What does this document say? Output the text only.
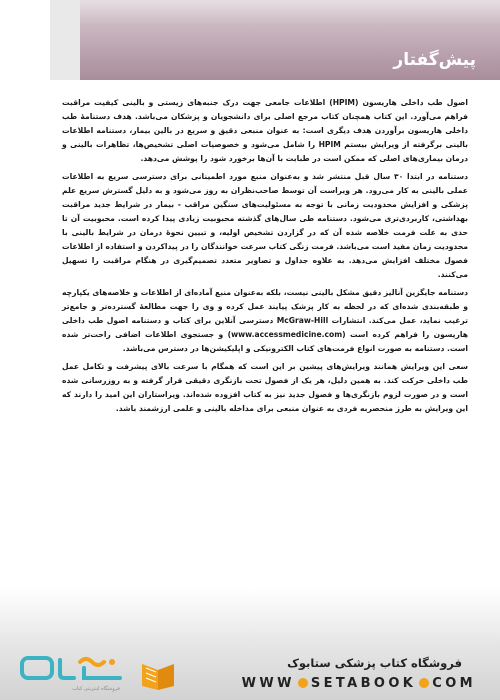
پیش‌گفتار

اصول طب داخلی هاریسون (HPIM) اطلاعات جامعی جهت درک جنبه‌های زیستی و بالینی کیفیت مراقبت فراهم می‌آورد. این کتاب همچنان کتاب مرجع اصلی برای دانشجویان و پزشکان می‌باشد. هدف دستنامهٔ طب داخلی هاریسون برآوردن هدف دیگری است: به عنوان منبعی دقیق و سریع در بالین بیمار، دستنامه اطلاعات بالینی برگرفته از ویرایش بیستم HPIM را شامل می‌شود و خصوصیات اصلی تشخیص‌ها، تظاهرات بالینی و درمان بیماری‌های اصلی که ممکن است در طبابت با آن‌ها برخورد شود را پوشش می‌دهد.

دستنامه در ابتدا ۳۰ سال قبل منتشر شد و به‌عنوان منبع مورد اطمینانی برای دسترسی سریع به اطلاعات عملی بالینی به کار می‌رود. هر ویراست آن توسط صاحب‌نظران به روز می‌شود و به دلیل گسترش سریع علم پزشکی و افزایش محدودیت زمانی با توجه به مسئولیت‌های سنگین مراقب - بیمار در شرایط جدید مراقبت بهداشتی، کاربردی‌تری می‌شود. دستنامه طی سال‌های گذشته محبوبیت زیادی پیدا کرده است. محبوبیت آن تا حدی به علت فرمت خلاصه شده آن که در گزاردن تشخیص اولیه، و تبیین نحوهٔ درمان در شرایط بالینی با محدودیت زمان مفید است می‌باشد. فرمت زنگی کتاب سرعت خوانندگان را در پیداکردن و استفاده از اطلاعات فصول مختلف افزایش می‌دهد. به علاوه جداول و تصاویر متعدد تصمیم‌گیری در هنگام مراقبت را تسهیل می‌کنند.

دستنامه جایگزین آنالیز دقیق مشکل بالینی نیست، بلکه به‌عنوان منبع آماده‌ای از اطلاعات و خلاصه‌های یکپارچه و طبقه‌بندی شده‌ای که در لحظه به کار پزشک پیایند عمل کرده و وی را جهت مطالعهٔ گسترده‌تر و جامع‌تر ترغیب نماید، عمل می‌کند. انتشارات McGraw-Hill دسترسی آنلاین برای کتاب و دستنامه اصول طب داخلی هاریسون را فراهم کرده است (www.accessmedicine.com) و جستجوی اطلاعات اضافی راحت‌تر شده است. دستنامه به صورت انواع فرمت‌های کتاب الکترونیکی و اپلیکیشن‌ها در دسترس می‌باشد.

سعی این ویرایش همانند ویرایش‌های پیشین بر این است که همگام با سرعت بالای پیشرفت و تکامل عمل طب داخلی حرکت کند. به همین دلیل، هر یک از فصول تحت بازنگری دقیقی قرار گرفته و به روزرسانی شده است و در صورت لزوم بازنگری‌ها و فصول جدید نیز به کتاب افزوده شده‌اند. ویراستاران این امید را دارند که این ویرایش به طرز منحصربه فردی به عنوان منبعی برای مداخله بالینی و علمی ارزشمند باشد.

فروشگاه اینترنتی کتاب
فروشگاه کتاب پزشکی ستابوک
WWW SETABOOK COM
